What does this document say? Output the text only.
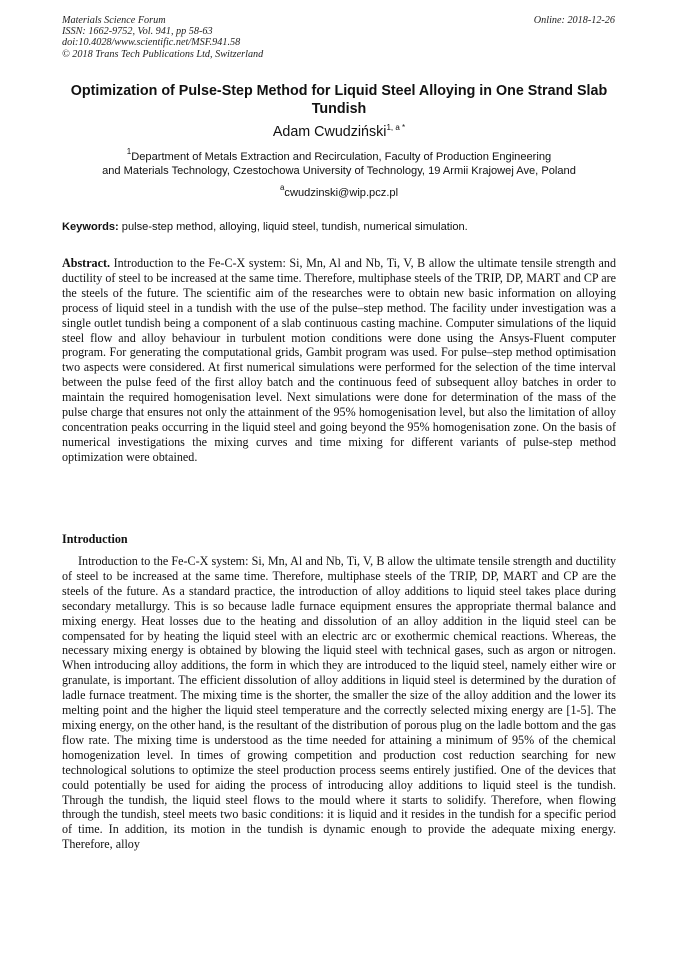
Materials Science Forum
ISSN: 1662-9752, Vol. 941, pp 58-63
doi:10.4028/www.scientific.net/MSF.941.58
© 2018 Trans Tech Publications Ltd, Switzerland
Online: 2018-12-26
Optimization of Pulse-Step Method for Liquid Steel Alloying in One Strand Slab Tundish
Adam Cwudziński$^{1, a *}$
$^1$Department of Metals Extraction and Recirculation, Faculty of Production Engineering
and Materials Technology, Czestochowa University of Technology, 19 Armii Krajowej Ave, Poland
$^a$cwudzinski@wip.pcz.pl
Keywords: pulse-step method, alloying, liquid steel, tundish, numerical simulation.

Abstract. Introduction to the Fe-C-X system: Si, Mn, Al and Nb, Ti, V, B allow the ultimate tensile strength and ductility of steel to be increased at the same time. Therefore, multiphase steels of the TRIP, DP, MART and CP are the steels of the future. The scientific aim of the researches were to obtain new basic information on alloying process of liquid steel in a tundish with the use of the pulse–step method. The facility under investigation was a single outlet tundish being a component of a slab continuous casting machine. Computer simulations of the liquid steel flow and alloy behaviour in turbulent motion conditions were done using the Ansys-Fluent computer program. For generating the computational grids, Gambit program was used. For pulse–step method optimisation two aspects were considered. At first numerical simulations were performed for the selection of the time interval between the pulse feed of the first alloy batch and the continuous feed of subsequent alloy batches in order to maintain the required homogenisation level. Next simulations were done for determination of the mass of the pulse charge that ensures not only the attainment of the 95% homogenisation level, but also the limitation of alloy concentration peaks occurring in the liquid steel and going beyond the 95% homogenisation zone. On the basis of numerical investigations the mixing curves and time mixing for different variants of pulse-step method optimization were obtained.

Introduction

Introduction to the Fe-C-X system: Si, Mn, Al and Nb, Ti, V, B allow the ultimate tensile strength and ductility of steel to be increased at the same time. Therefore, multiphase steels of the TRIP, DP, MART and CP are the steels of the future. As a standard practice, the introduction of alloy additions to liquid steel takes place during secondary metallurgy. This is so because ladle furnace equipment ensures the appropriate thermal balance and mixing energy. Heat losses due to the heating and dissolution of an alloy addition in the liquid steel can be compensated for by heating the liquid steel with an electric arc or exothermic chemical reactions. Whereas, the necessary mixing energy is obtained by blowing the liquid steel with technical gases, such as argon or nitrogen. When introducing alloy additions, the form in which they are introduced to the liquid steel, namely either wire or granulate, is important. The efficient dissolution of alloy additions in liquid steel is determined by the duration of ladle furnace treatment. The mixing time is the shorter, the smaller the size of the alloy addition and the lower its melting point and the higher the liquid steel temperature and the correctly selected mixing energy are [1-5]. The mixing energy, on the other hand, is the resultant of the distribution of porous plug on the ladle bottom and the gas flow rate. The mixing time is understood as the time needed for attaining a minimum of 95% of the chemical homogenization level. In times of growing competition and production cost reduction searching for new technological solutions to optimize the steel production process seems entirely justified. One of the devices that could potentially be used for aiding the process of introducing alloy additions to liquid steel is the tundish. Through the tundish, the liquid steel flows to the mould where it starts to solidify. Therefore, when flowing through the tundish, steel meets two basic conditions: it is liquid and it resides in the tundish for a specific period of time. In addition, its motion in the tundish is dynamic enough to provide the adequate mixing energy. Therefore, alloy
